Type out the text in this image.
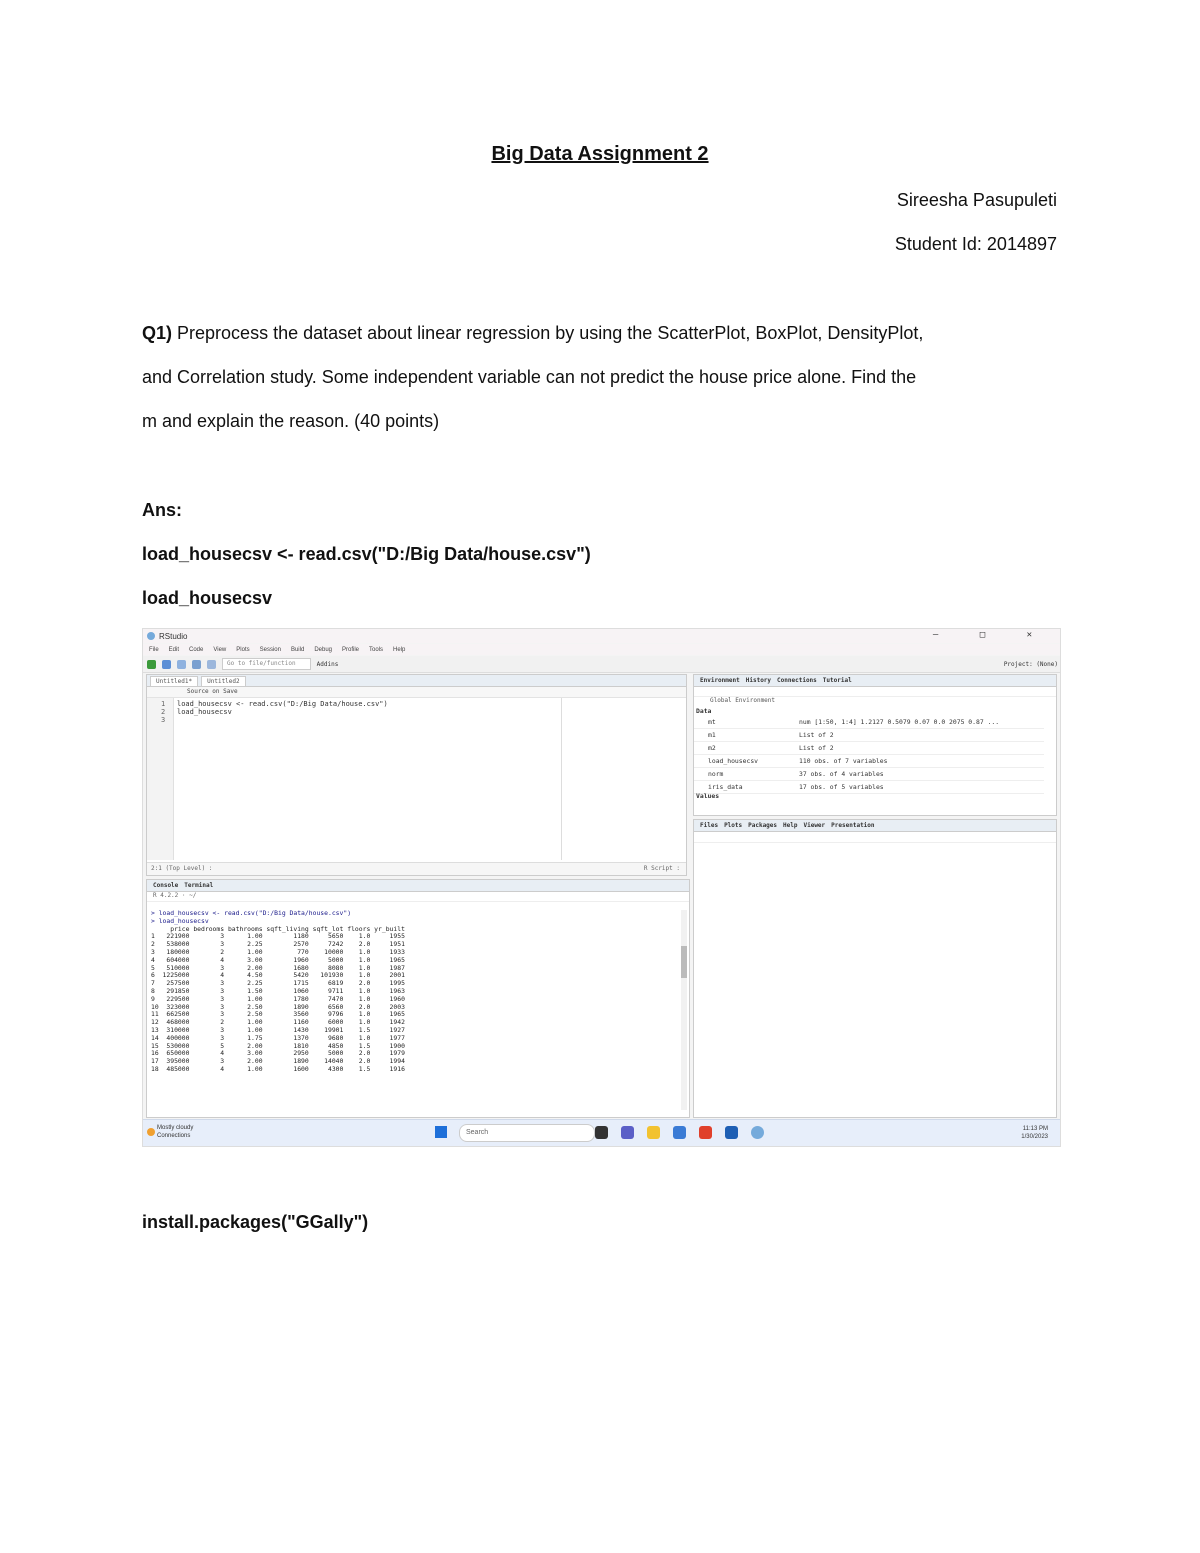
Big Data Assignment 2
Sireesha Pasupuleti
Student Id: 2014897
Q1) Preprocess the dataset about linear regression by using the ScatterPlot, BoxPlot, DensityPlot,
and Correlation study. Some independent variable can not predict the house price alone. Find the
m and explain the reason. (40 points)
Ans:
load_housecsv <- read.csv("D:/Big Data/house.csv")
load_housecsv
RStudio	— □ ✕
File Edit Code View Plots Session Build Debug Profile Tools Help
Go to file/function	Addins	Project: (None)
Untitled1*	Untitled2
Source on Save
1 load_housecsv <- read.csv("D:/Big Data/house.csv")
2 load_housecsv
3
2:1 (Top Level) :	R Script :
Console Terminal
R 4.2.2 · ~/
> load_housecsv <- read.csv("D:/Big Data/house.csv")
> load_housecsv
price bedrooms bathrooms sqft_living sqft_lot floors yr_built
1   221900        3      1.00        1180     5650    1.0     1955
2   538000        3      2.25        2570     7242    2.0     1951
3   180000        2      1.00         770    10000    1.0     1933
4   604000        4      3.00        1960     5000    1.0     1965
5   510000        3      2.00        1680     8080    1.0     1987
6  1225000        4      4.50        5420   101930    1.0     2001
7   257500        3      2.25        1715     6819    2.0     1995
8   291850        3      1.50        1060     9711    1.0     1963
9   229500        3      1.00        1780     7470    1.0     1960
10  323000        3      2.50        1890     6560    2.0     2003
11  662500        3      2.50        3560     9796    1.0     1965
12  468000        2      1.00        1160     6000    1.0     1942
13  310000        3      1.00        1430    19901    1.5     1927
14  400000        3      1.75        1370     9680    1.0     1977
15  530000        5      2.00        1810     4850    1.5     1900
16  650000        4      3.00        2950     5000    2.0     1979
17  395000        3      2.00        1890    14040    2.0     1994
18  485000        4      1.00        1600     4300    1.5     1916
Environment History Connections Tutorial
Global Environment
Data
mt	num [1:50, 1:4] 1.2127 0.5079 0.07 0.0 2075 0.87 ...
m1	List of 2
m2	List of 2
load_housecsv	110 obs. of 7 variables
norm	37 obs. of 4 variables
iris_data	17 obs. of 5 variables
Values
Files Plots Packages Help Viewer Presentation
Mostly cloudy
Connections	Search	11:13 PM
1/30/2023
install.packages("GGally")
